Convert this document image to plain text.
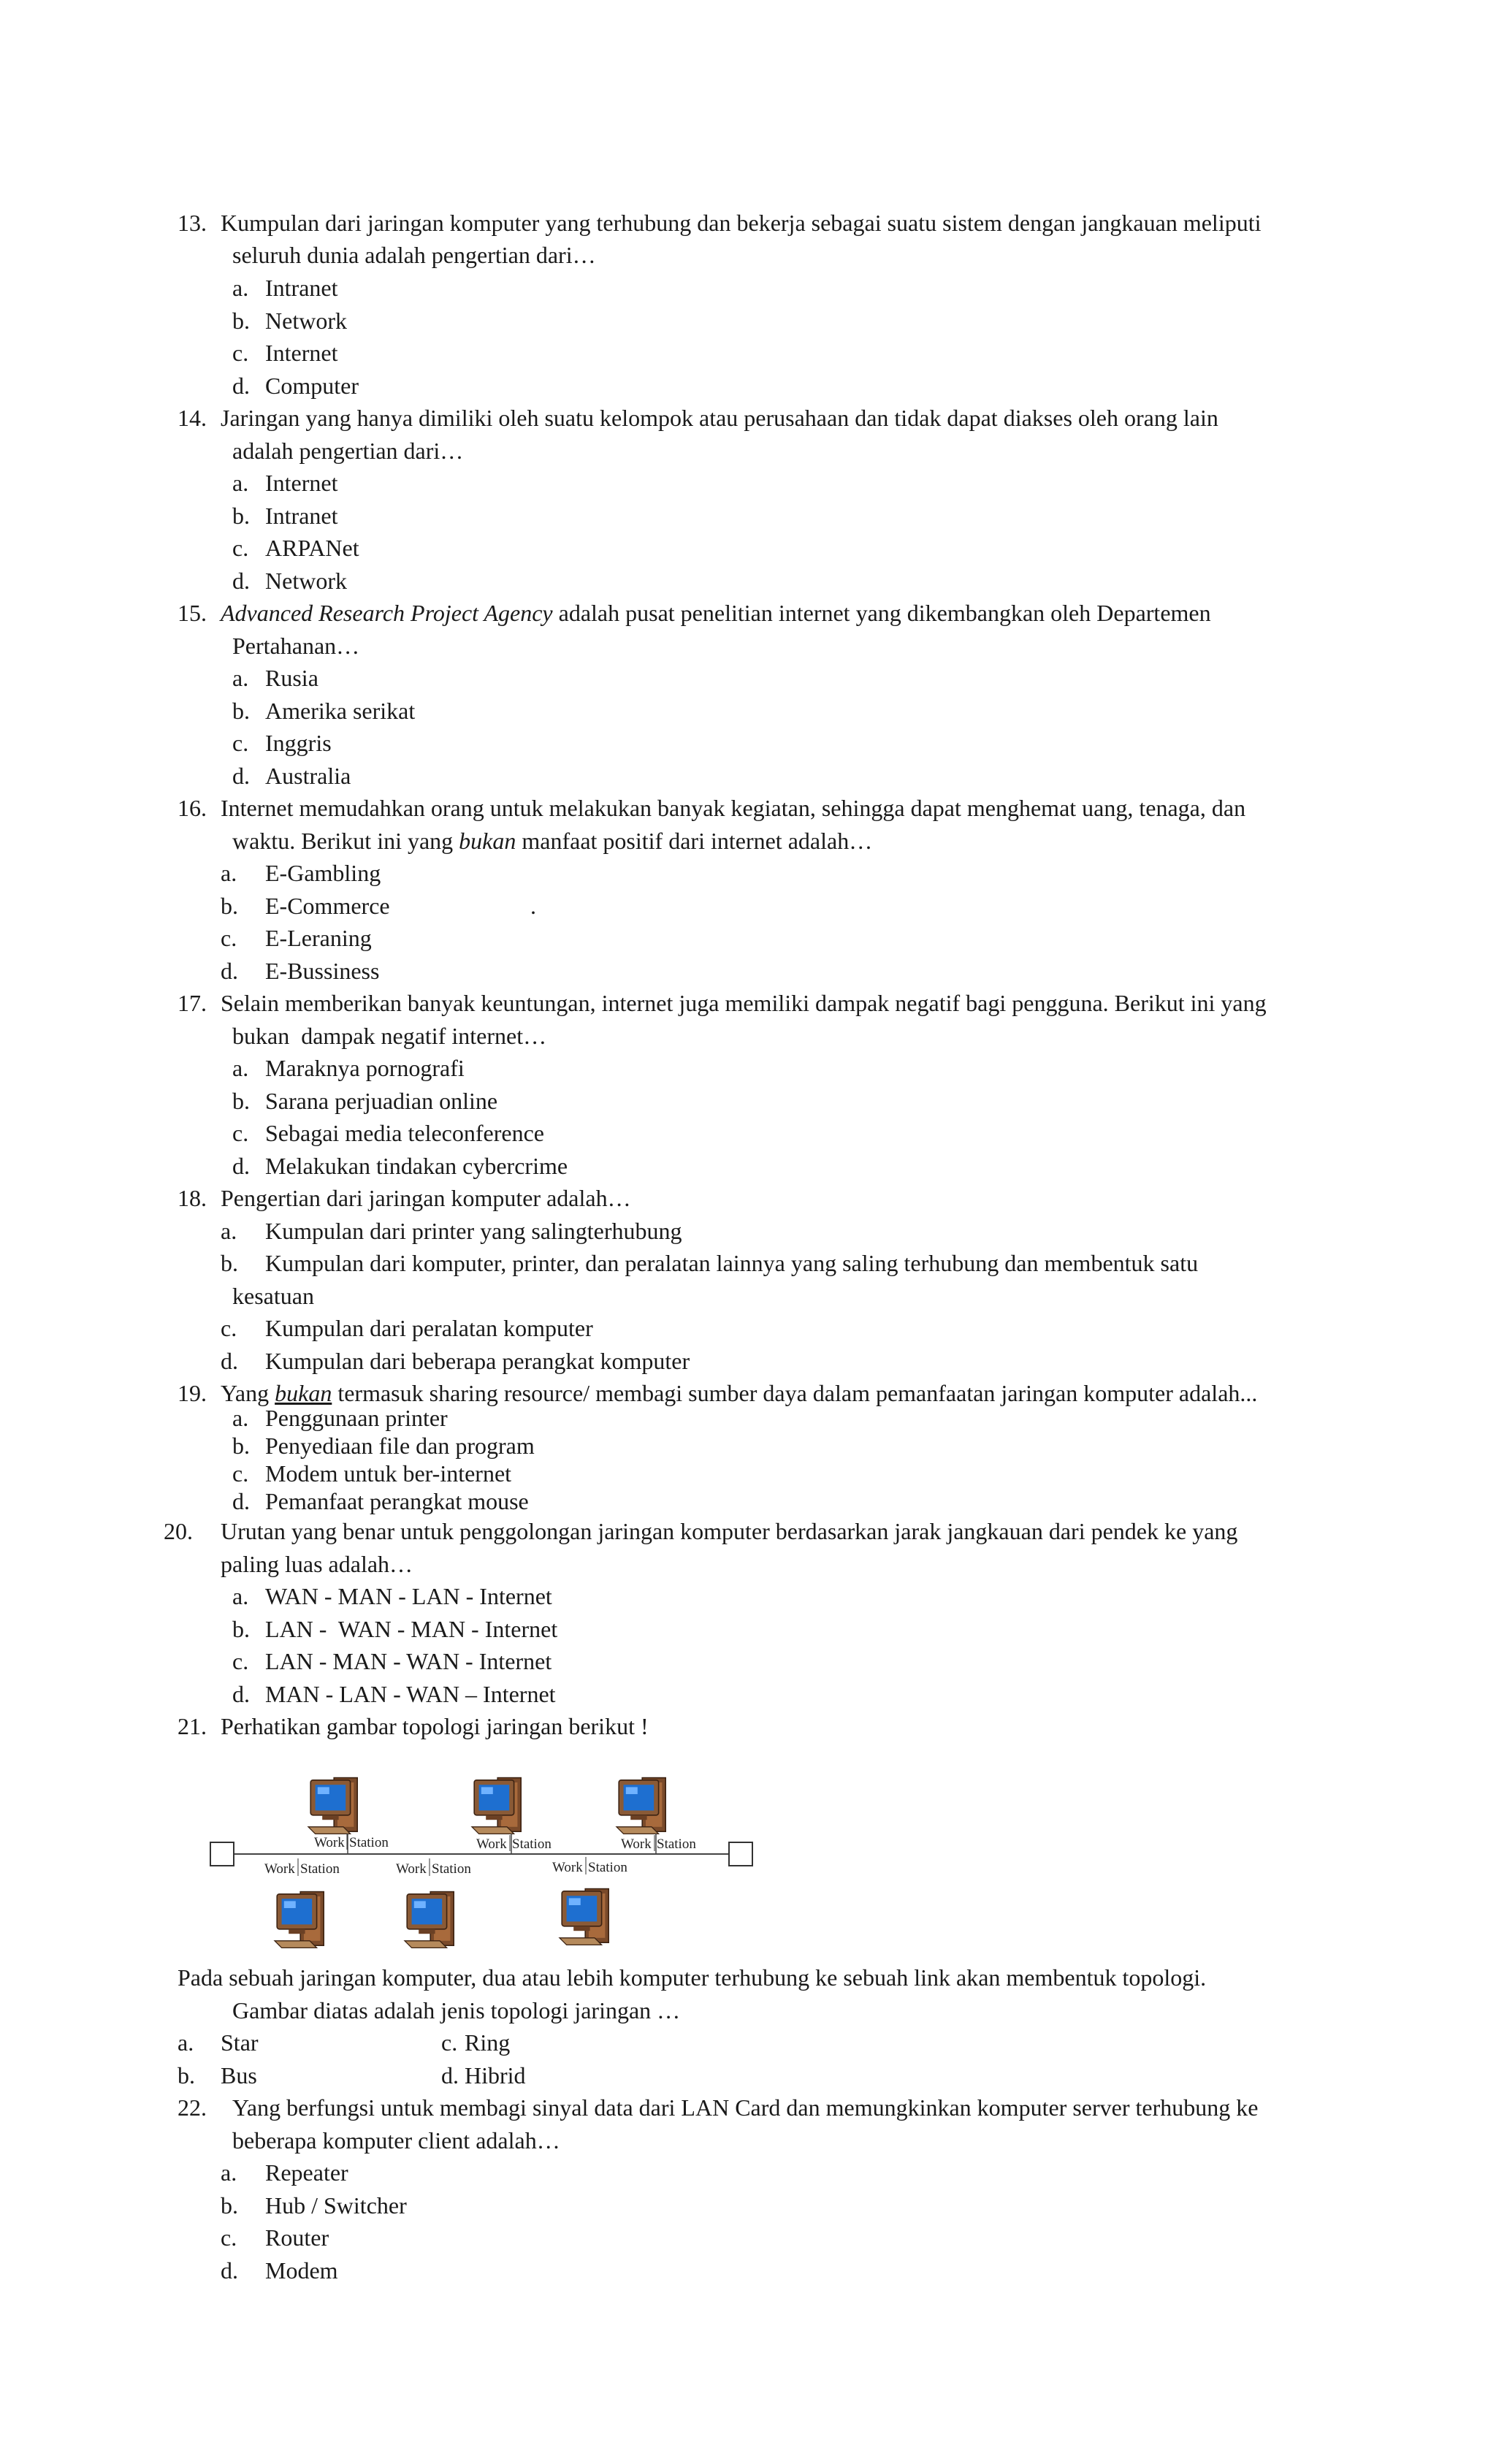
13. Kumpulan dari jaringan komputer yang terhubung dan bekerja sebagai suatu sistem dengan jangkauan meliputi
seluruh dunia adalah pengertian dari…
a. Intranet
b. Network
c. Internet
d. Computer
14. Jaringan yang hanya dimiliki oleh suatu kelompok atau perusahaan dan tidak dapat diakses oleh orang lain
adalah pengertian dari…
a. Internet
b. Intranet
c. ARPANet
d. Network
15. Advanced Research Project Agency adalah pusat penelitian internet yang dikembangkan oleh Departemen
Pertahanan…
a. Rusia
b. Amerika serikat
c. Inggris
d. Australia
16. Internet memudahkan orang untuk melakukan banyak kegiatan, sehingga dapat menghemat uang, tenaga, dan
waktu. Berikut ini yang bukan manfaat positif dari internet adalah…
a. E-Gambling
b. E-Commerce	.
c. E-Leraning
d. E-Bussiness
17. Selain memberikan banyak keuntungan, internet juga memiliki dampak negatif bagi pengguna. Berikut ini yang
bukan  dampak negatif internet…
a. Maraknya pornografi
b. Sarana perjuadian online
c. Sebagai media teleconference
d. Melakukan tindakan cybercrime
18. Pengertian dari jaringan komputer adalah…
a. Kumpulan dari printer yang salingterhubung
b. Kumpulan dari komputer, printer, dan peralatan lainnya yang saling terhubung dan membentuk satu
kesatuan
c. Kumpulan dari peralatan komputer
d. Kumpulan dari beberapa perangkat komputer
19. Yang bukan termasuk sharing resource/ membagi sumber daya dalam pemanfaatan jaringan komputer adalah...
a. Penggunaan printer
b. Penyediaan file dan program
c. Modem untuk ber-internet
d. Pemanfaat perangkat mouse
20. Urutan yang benar untuk penggolongan jaringan komputer berdasarkan jarak jangkauan dari pendek ke yang
paling luas adalah…
a. WAN - MAN - LAN - Internet
b. LAN -  WAN - MAN - Internet
c. LAN - MAN - WAN - Internet
d. MAN - LAN - WAN – Internet
21. Perhatikan gambar topologi jaringan berikut !
Work Station	Work Station	Work Station
Work Station	Work Station	Work Station
Pada sebuah jaringan komputer, dua atau lebih komputer terhubung ke sebuah link akan membentuk topologi.
Gambar diatas adalah jenis topologi jaringan …
a. Star	c. Ring
b. Bus	d. Hibrid
22. Yang berfungsi untuk membagi sinyal data dari LAN Card dan memungkinkan komputer server terhubung ke
beberapa komputer client adalah…
a. Repeater
b. Hub / Switcher
c. Router
d. Modem
